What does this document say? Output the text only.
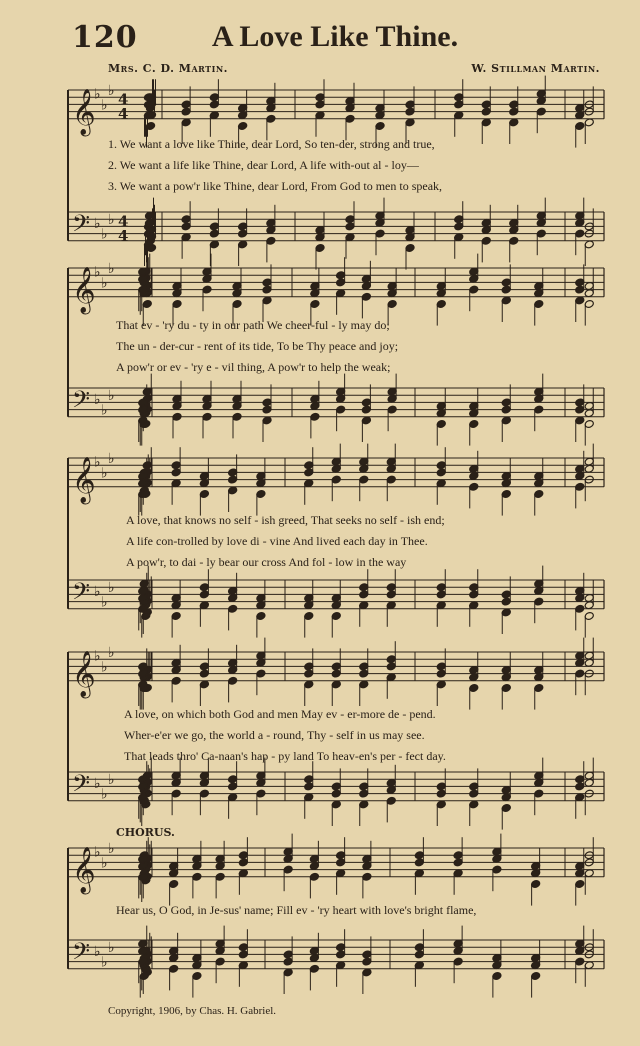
120	A Love Like Thine.
Mrs. C. D. Martin.	W. Stillman Martin.
𝄞
♭
♭
♭ 4
4
𝄢 ♭
♭
♭ 4
4
𝄞
♭
♭
♭
𝄢 ♭
♭
♭
𝄞
♭
♭
♭
𝄢 ♭
♭
♭
𝄞
♭
♭
♭
𝄢 ♭
♭
♭
𝄞
♭
♭
♭
𝄢 ♭
♭
♭
1. We want a love like Thine, dear Lord, So ten-der, strong and true,
2. We want a life like Thine, dear Lord, A life with-out al - loy—
3. We want a pow'r like Thine, dear Lord, From God to men to speak,
That ev - 'ry du - ty in our path We cheer-ful - ly may do;
The un - der-cur - rent of its tide, To be Thy peace and joy;
A pow'r or ev - 'ry e - vil thing, A pow'r to help the weak;
A love, that knows no self - ish greed, That seeks no self - ish end;
A life con-trolled by love di - vine And lived each day in Thee.
A pow'r, to dai - ly bear our cross And fol - low in the way
A love, on which both God and men May ev - er-more de - pend.
Wher-e'er we go, the world a - round, Thy - self in us may see.
That leads thro' Ca-naan's hap - py land To heav-en's per - fect day.
CHORUS.
Hear us, O God, in Je-sus' name; Fill ev - 'ry heart with love's bright flame,
Copyright, 1906, by Chas. H. Gabriel.
